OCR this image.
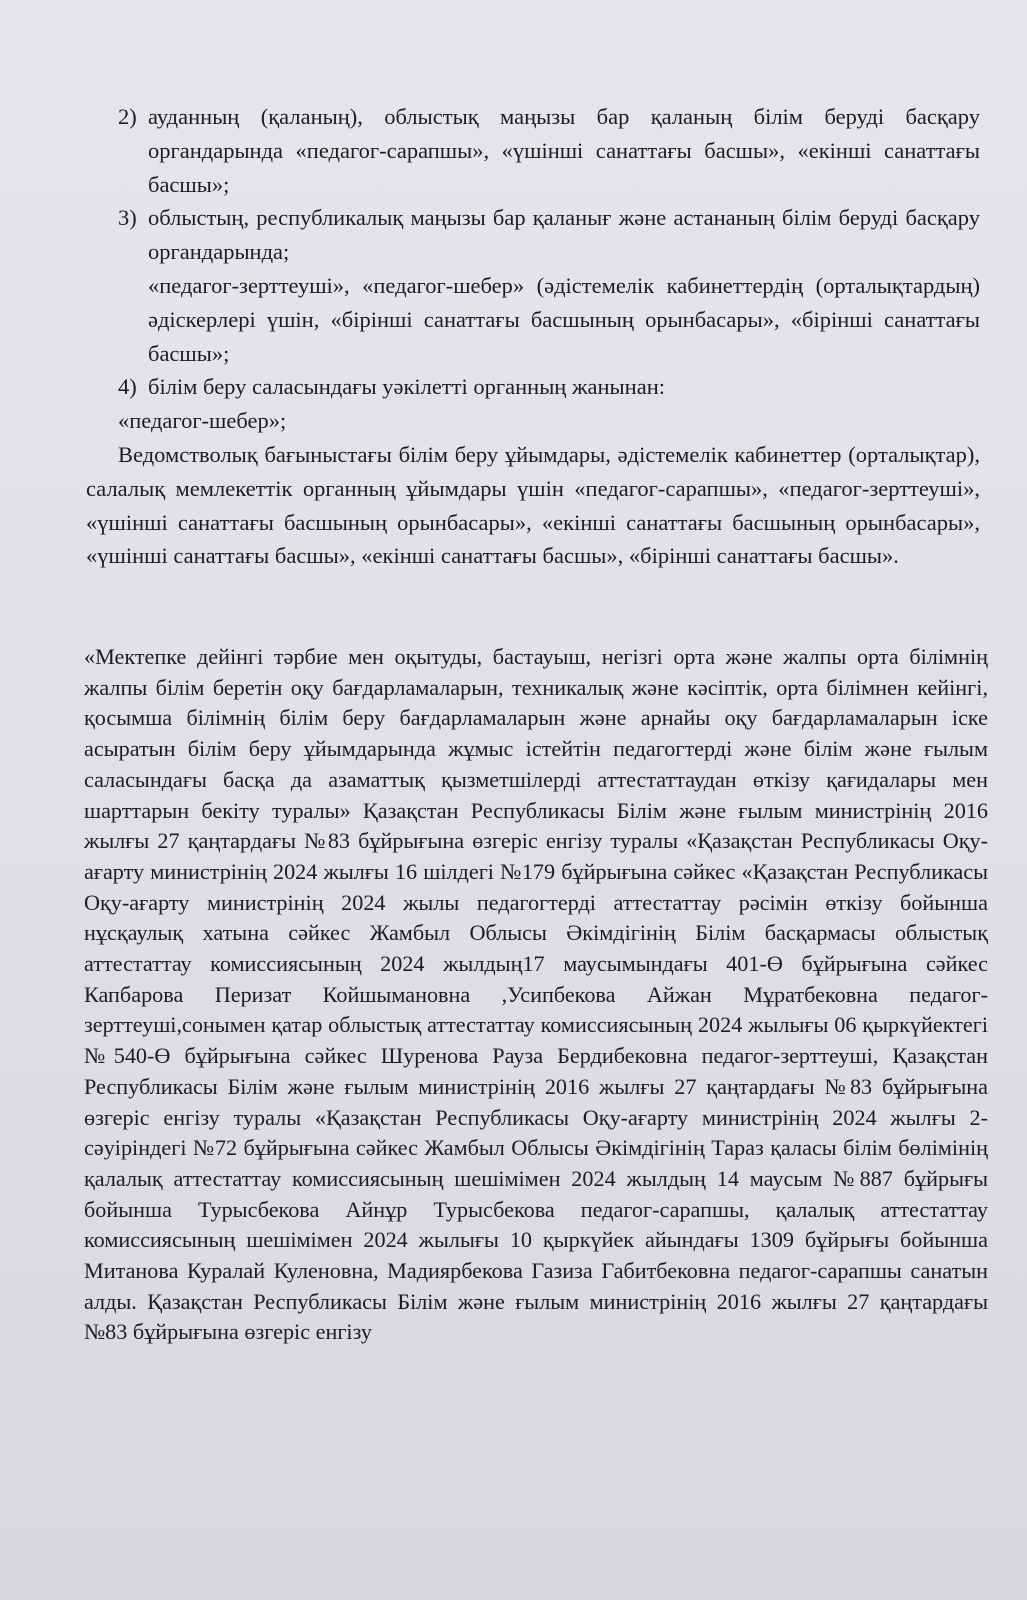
2) ауданның (қаланың), облыстық маңызы бар қаланың білім беруді басқару органдарында «педагог-сарапшы», «үшінші санаттағы басшы», «екінші санаттағы басшы»;

3) облыстың, республикалық маңызы бар қаланығ және астананың білім беруді басқару органдарында;

«педагог-зерттеуші», «педагог-шебер» (әдістемелік кабинеттердің (орталықтардың) әдіскерлері үшін, «бірінші санаттағы басшының орынбасары», «бірінші санаттағы басшы»;

4) білім беру саласындағы уәкілетті органның жанынан:

«педагог-шебер»;

Ведомстволық бағыныстағы білім беру ұйымдары, әдістемелік кабинеттер (орталықтар), салалық мемлекеттік органның ұйымдары үшін «педагог-сарапшы», «педагог-зерттеуші», «үшінші санаттағы басшының орынбасары», «екінші санаттағы басшының орынбасары», «үшінші санаттағы басшы», «екінші санаттағы басшы», «бірінші санаттағы басшы».

«Мектепке дейінгі тәрбие мен оқытуды, бастауыш, негізгі орта және жалпы орта білімнің жалпы білім беретін оқу бағдарламаларын, техникалық және кәсіптік, орта білімнен кейінгі, қосымша білімнің білім беру бағдарламаларын және арнайы оқу бағдарламаларын іске асыратын білім беру ұйымдарында жұмыс істейтін педагогтерді және білім және ғылым саласындағы басқа да азаматтық қызметшілерді аттестаттаудан өткізу қағидалары мен шарттарын бекіту туралы» Қазақстан Республикасы Білім және ғылым министрінің 2016 жылғы 27 қаңтардағы №83 бұйрығына өзгеріс енгізу туралы «Қазақстан Республикасы Оқу-ағарту министрінің 2024 жылғы 16 шілдегі №179 бұйрығына сәйкес «Қазақстан Республикасы Оқу-ағарту министрінің 2024 жылы педагогтерді аттестаттау рәсімін өткізу бойынша нұсқаулық хатына сәйкес Жамбыл Облысы Әкімдігінің Білім басқармасы облыстық аттестаттау комиссиясының 2024 жылдың17 маусымындағы 401-Ө бұйрығына сәйкес Капбарова Перизат Койшымановна ,Усипбекова Айжан Мұратбековна педагог-зерттеуші,сонымен қатар облыстық аттестаттау комиссиясының 2024 жылығы 06 қыркүйектегі №540-Ө бұйрығына сәйкес Шуренова Рауза Бердибековна педагог-зерттеуші, Қазақстан Республикасы Білім және ғылым министрінің 2016 жылғы 27 қаңтардағы №83 бұйрығына өзгеріс енгізу туралы «Қазақстан Республикасы Оқу-ағарту министрінің 2024 жылғы 2-сәуіріндегі №72 бұйрығына сәйкес Жамбыл Облысы Әкімдігінің Тараз қаласы білім бөлімінің қалалық аттестаттау комиссиясының шешімімен 2024 жылдың 14 маусым №887 бұйрығы бойынша Турысбекова Айнұр Турысбекова педагог-сарапшы, қалалық аттестаттау комиссиясының шешімімен 2024 жылығы 10 қыркүйек айындағы 1309 бұйрығы бойынша Митанова Куралай Куленовна, Мадиярбекова Газиза Габитбековна педагог-сарапшы санатын алды. Қазақстан Республикасы Білім және ғылым министрінің 2016 жылғы 27 қаңтардағы №83 бұйрығына өзгеріс енгізу
